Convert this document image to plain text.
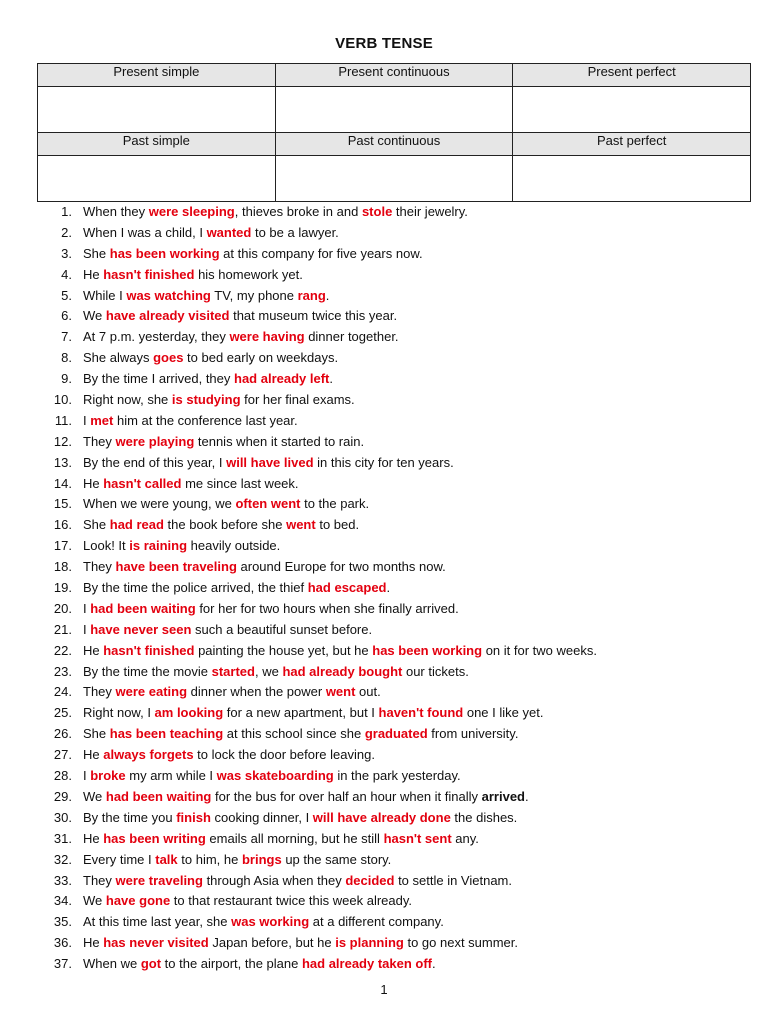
VERB TENSE
Present simple	Present continuous	Present perfect

Past simple	Past continuous	Past perfect

1. When they were sleeping, thieves broke in and stole their jewelry.
2. When I was a child, I wanted to be a lawyer.
3. She has been working at this company for five years now.
4. He hasn't finished his homework yet.
5. While I was watching TV, my phone rang.
6. We have already visited that museum twice this year.
7. At 7 p.m. yesterday, they were having dinner together.
8. She always goes to bed early on weekdays.
9. By the time I arrived, they had already left.
10. Right now, she is studying for her final exams.
11. I met him at the conference last year.
12. They were playing tennis when it started to rain.
13. By the end of this year, I will have lived in this city for ten years.
14. He hasn't called me since last week.
15. When we were young, we often went to the park.
16. She had read the book before she went to bed.
17. Look! It is raining heavily outside.
18. They have been traveling around Europe for two months now.
19. By the time the police arrived, the thief had escaped.
20. I had been waiting for her for two hours when she finally arrived.
21. I have never seen such a beautiful sunset before.
22. He hasn't finished painting the house yet, but he has been working on it for two weeks.
23. By the time the movie started, we had already bought our tickets.
24. They were eating dinner when the power went out.
25. Right now, I am looking for a new apartment, but I haven't found one I like yet.
26. She has been teaching at this school since she graduated from university.
27. He always forgets to lock the door before leaving.
28. I broke my arm while I was skateboarding in the park yesterday.
29. We had been waiting for the bus for over half an hour when it finally arrived.
30. By the time you finish cooking dinner, I will have already done the dishes.
31. He has been writing emails all morning, but he still hasn't sent any.
32. Every time I talk to him, he brings up the same story.
33. They were traveling through Asia when they decided to settle in Vietnam.
34. We have gone to that restaurant twice this week already.
35. At this time last year, she was working at a different company.
36. He has never visited Japan before, but he is planning to go next summer.
37. When we got to the airport, the plane had already taken off.
1
